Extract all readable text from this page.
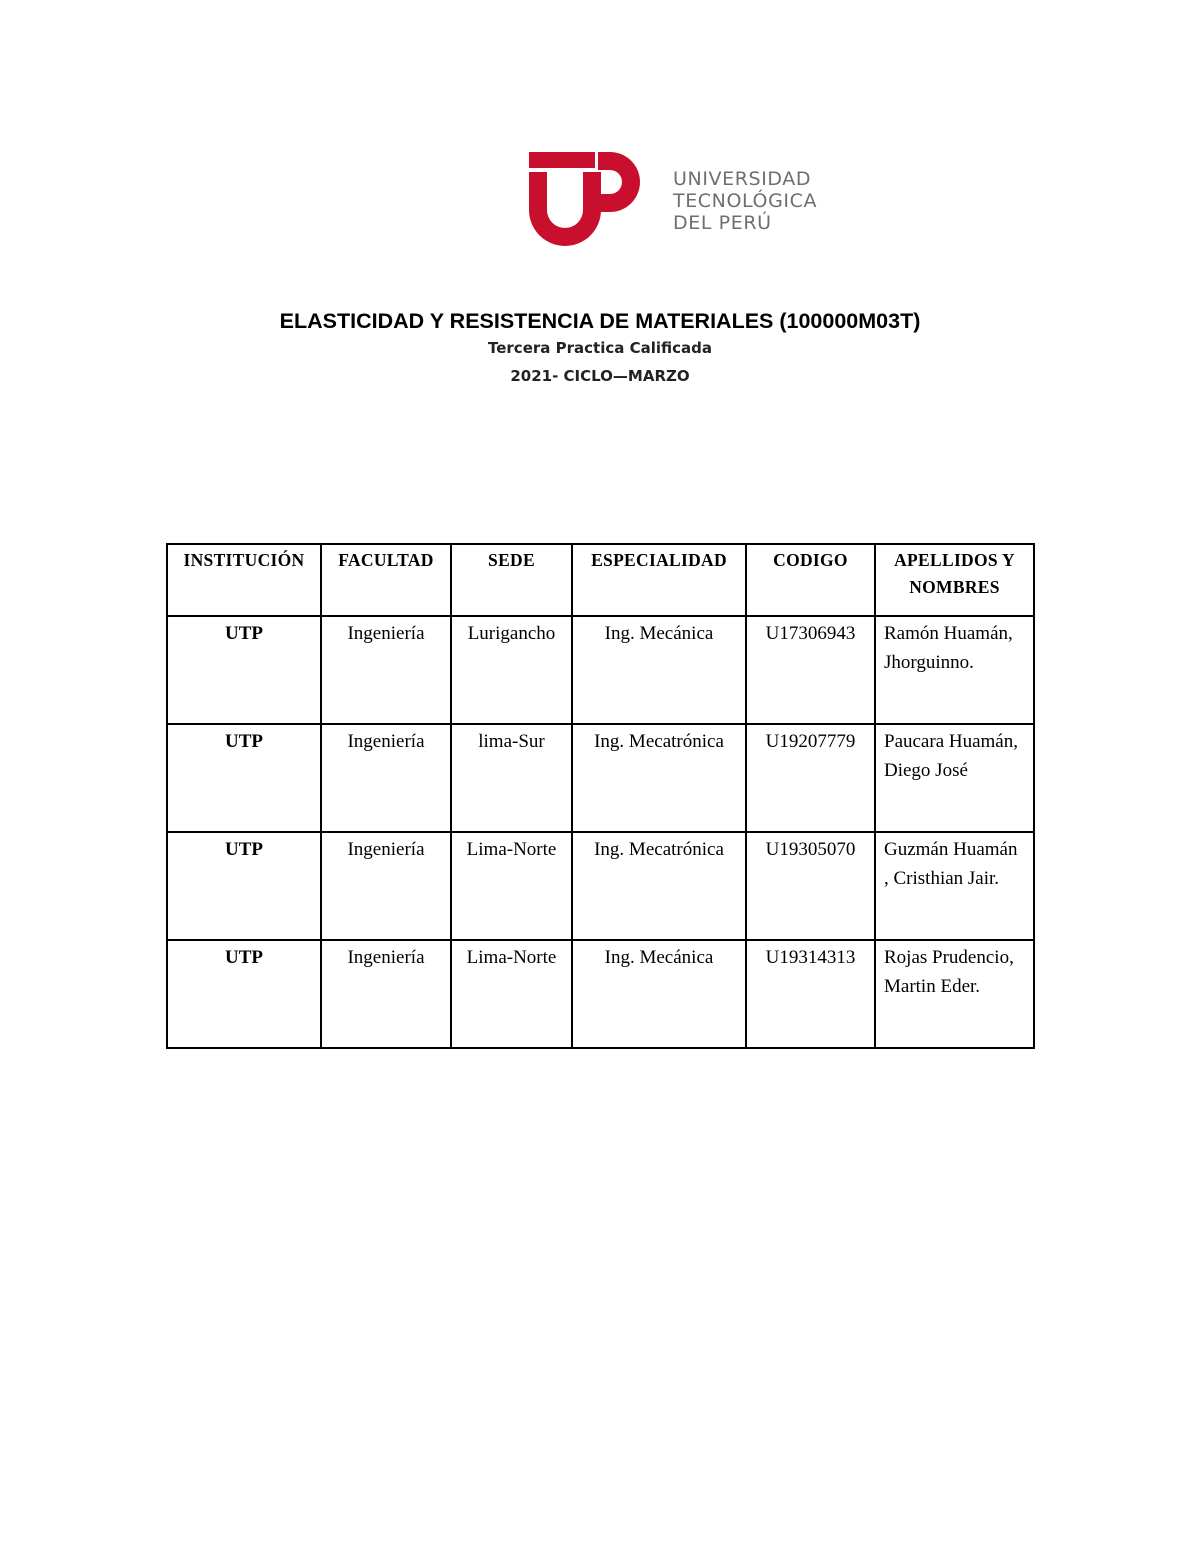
UNIVERSIDAD
TECNOLÓGICA
DEL PERÚ
ELASTICIDAD Y RESISTENCIA DE MATERIALES (100000M03T)
Tercera Practica Calificada
2021- CICLO—MARZO
INSTITUCIÓN	FACULTAD	SEDE	ESPECIALIDAD	CODIGO	APELLIDOS Y NOMBRES
UTP	Ingeniería	Lurigancho	Ing. Mecánica	U17306943	Ramón Huamán, Jhorguinno.
UTP	Ingeniería	lima-Sur	Ing. Mecatrónica	U19207779	Paucara Huamán, Diego José
UTP	Ingeniería	Lima-Norte	Ing. Mecatrónica	U19305070	Guzmán Huamán , Cristhian Jair.
UTP	Ingeniería	Lima-Norte	Ing. Mecánica	U19314313	Rojas Prudencio, Martin Eder.
